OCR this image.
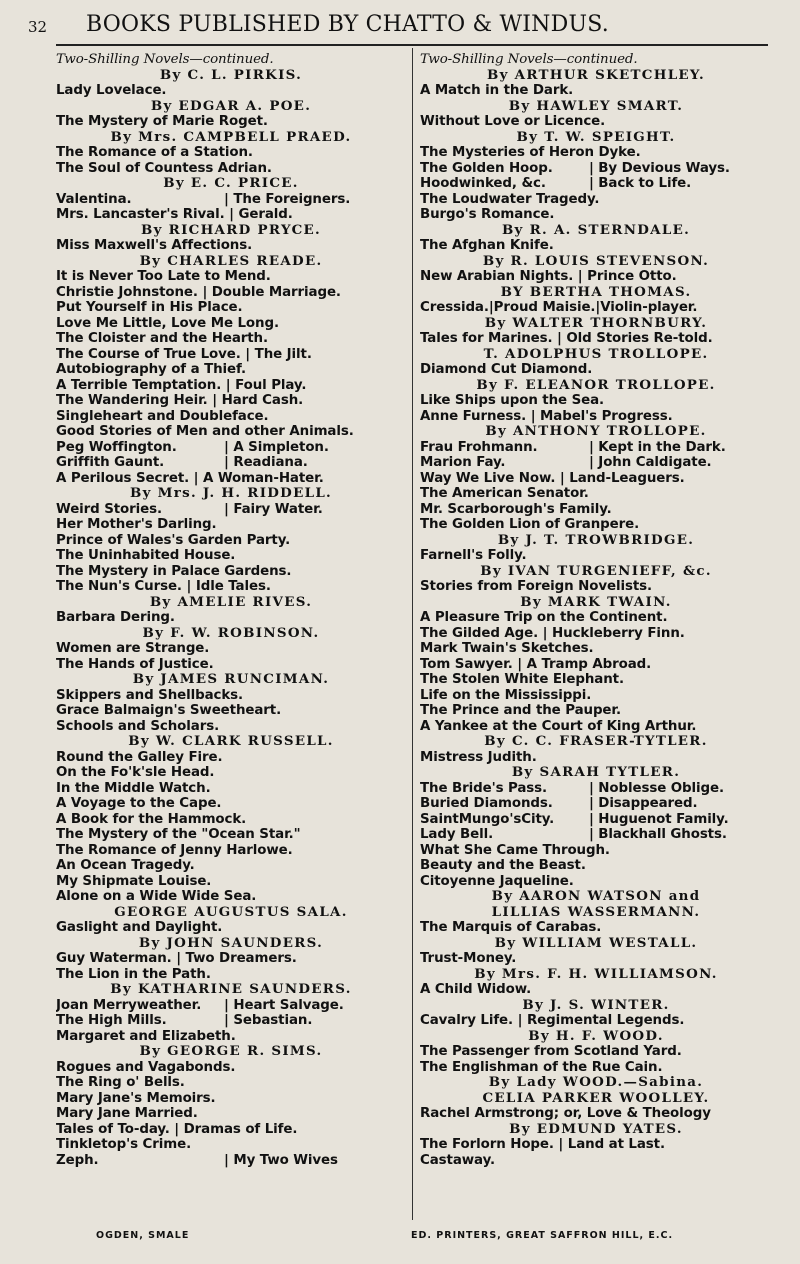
32 BOOKS PUBLISHED BY CHATTO & WINDUS.
Two-Shilling Novels—continued.
By C. L. PIRKIS.
Lady Lovelace.
By EDGAR A. POE.
The Mystery of Marie Roget.
By Mrs. CAMPBELL PRAED.
The Romance of a Station.
The Soul of Countess Adrian.
By E. C. PRICE.
Valentina.	| The Foreigners.
Mrs. Lancaster's Rival. | Gerald.
By RICHARD PRYCE.
Miss Maxwell's Affections.
By CHARLES READE.
It is Never Too Late to Mend.
Christie Johnstone. | Double Marriage.
Put Yourself in His Place.
Love Me Little, Love Me Long.
The Cloister and the Hearth.
The Course of True Love. | The Jilt.
Autobiography of a Thief.
A Terrible Temptation. | Foul Play.
The Wandering Heir. | Hard Cash.
Singleheart and Doubleface.
Good Stories of Men and other Animals.
Peg Woffington.	| A Simpleton.
Griffith Gaunt.	| Readiana.
A Perilous Secret. | A Woman-Hater.
By Mrs. J. H. RIDDELL.
Weird Stories.	| Fairy Water.
Her Mother's Darling.
Prince of Wales's Garden Party.
The Uninhabited House.
The Mystery in Palace Gardens.
The Nun's Curse. | Idle Tales.
By AMELIE RIVES.
Barbara Dering.
By F. W. ROBINSON.
Women are Strange.
The Hands of Justice.
By JAMES RUNCIMAN.
Skippers and Shellbacks.
Grace Balmaign's Sweetheart.
Schools and Scholars.
By W. CLARK RUSSELL.
Round the Galley Fire.
On the Fo'k'sle Head.
In the Middle Watch.
A Voyage to the Cape.
A Book for the Hammock.
The Mystery of the "Ocean Star."
The Romance of Jenny Harlowe.
An Ocean Tragedy.
My Shipmate Louise.
Alone on a Wide Wide Sea.
GEORGE AUGUSTUS SALA.
Gaslight and Daylight.
By JOHN SAUNDERS.
Guy Waterman. | Two Dreamers.
The Lion in the Path.
By KATHARINE SAUNDERS.
Joan Merryweather.	| Heart Salvage.
The High Mills.	| Sebastian.
Margaret and Elizabeth.
By GEORGE R. SIMS.
Rogues and Vagabonds.
The Ring o' Bells.
Mary Jane's Memoirs.
Mary Jane Married.
Tales of To-day. | Dramas of Life.
Tinkletop's Crime.
Zeph.	| My Two Wives
Two-Shilling Novels—continued.
By ARTHUR SKETCHLEY.
A Match in the Dark.
By HAWLEY SMART.
Without Love or Licence.
By T. W. SPEIGHT.
The Mysteries of Heron Dyke.
The Golden Hoop.	| By Devious Ways.
Hoodwinked, &c.	| Back to Life.
The Loudwater Tragedy.
Burgo's Romance.
By R. A. STERNDALE.
The Afghan Knife.
By R. LOUIS STEVENSON.
New Arabian Nights. | Prince Otto.
BY BERTHA THOMAS.
Cressida.|Proud Maisie.|Violin-player.
By WALTER THORNBURY.
Tales for Marines. | Old Stories Re-told.
T. ADOLPHUS TROLLOPE.
Diamond Cut Diamond.
By F. ELEANOR TROLLOPE.
Like Ships upon the Sea.
Anne Furness. | Mabel's Progress.
By ANTHONY TROLLOPE.
Frau Frohmann.	| Kept in the Dark.
Marion Fay.	| John Caldigate.
Way We Live Now. | Land-Leaguers.
The American Senator.
Mr. Scarborough's Family.
The Golden Lion of Granpere.
By J. T. TROWBRIDGE.
Farnell's Folly.
By IVAN TURGENIEFF, &c.
Stories from Foreign Novelists.
By MARK TWAIN.
A Pleasure Trip on the Continent.
The Gilded Age. | Huckleberry Finn.
Mark Twain's Sketches.
Tom Sawyer. | A Tramp Abroad.
The Stolen White Elephant.
Life on the Mississippi.
The Prince and the Pauper.
A Yankee at the Court of King Arthur.
By C. C. FRASER-TYTLER.
Mistress Judith.
By SARAH TYTLER.
The Bride's Pass.	| Noblesse Oblige.
Buried Diamonds.	| Disappeared.
SaintMungo'sCity.	| Huguenot Family.
Lady Bell.	| Blackhall Ghosts.
What She Came Through.
Beauty and the Beast.
Citoyenne Jaqueline.
By AARON WATSON and
LILLIAS WASSERMANN.
The Marquis of Carabas.
By WILLIAM WESTALL.
Trust-Money.
By Mrs. F. H. WILLIAMSON.
A Child Widow.
By J. S. WINTER.
Cavalry Life. | Regimental Legends.
By H. F. WOOD.
The Passenger from Scotland Yard.
The Englishman of the Rue Cain.
By Lady WOOD.—Sabina.
CELIA PARKER WOOLLEY.
Rachel Armstrong; or, Love & Theology
By EDMUND YATES.
The Forlorn Hope. | Land at Last.
Castaway.
OGDEN, SMALE	ED. PRINTERS, GREAT SAFFRON HILL, E.C.
